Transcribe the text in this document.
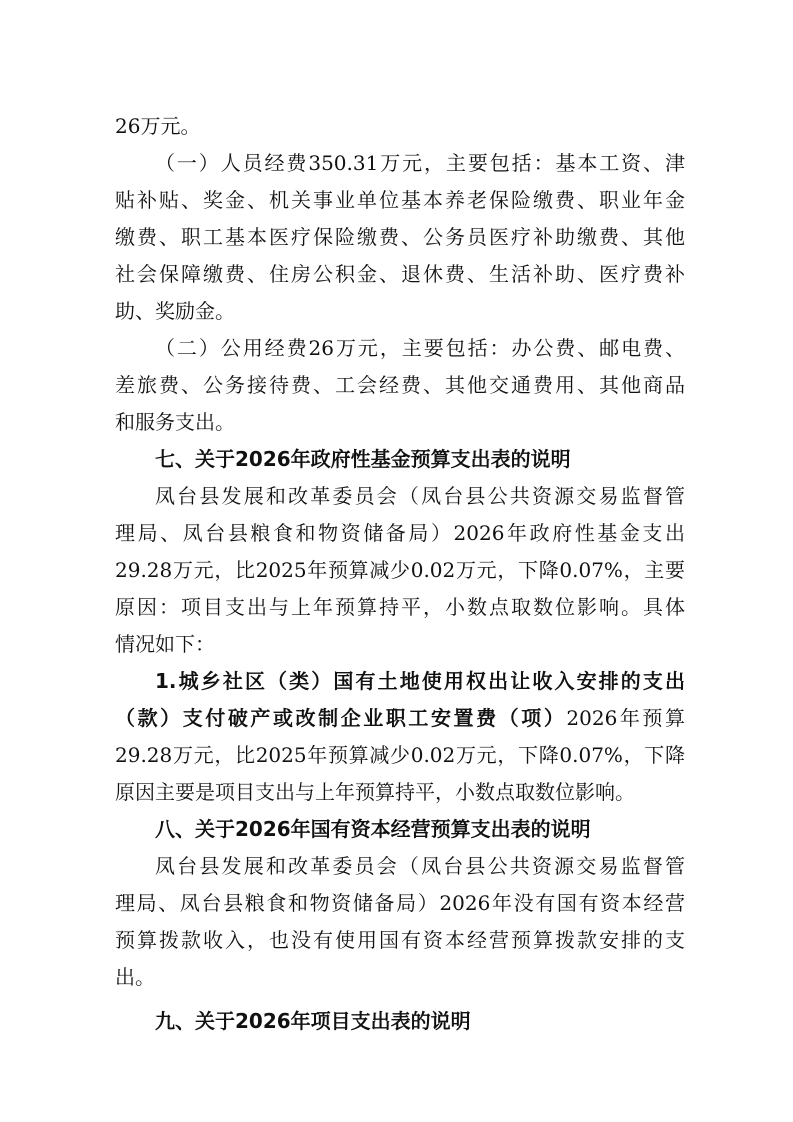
26万元。
（一）人员经费350.31万元，主要包括：基本工资、津
贴补贴、奖金、机关事业单位基本养老保险缴费、职业年金
缴费、职工基本医疗保险缴费、公务员医疗补助缴费、其他
社会保障缴费、住房公积金、退休费、生活补助、医疗费补
助、奖励金。
（二）公用经费26万元，主要包括：办公费、邮电费、
差旅费、公务接待费、工会经费、其他交通费用、其他商品
和服务支出。
七、关于2026年政府性基金预算支出表的说明
凤台县发展和改革委员会（凤台县公共资源交易监督管
理局、凤台县粮食和物资储备局）2026年政府性基金支出
29.28万元，比2025年预算减少0.02万元，下降0.07%，主要
原因：项目支出与上年预算持平，小数点取数位影响。具体
情况如下：
1.城乡社区（类）国有土地使用权出让收入安排的支出
（款）支付破产或改制企业职工安置费（项）2026年预算
29.28万元，比2025年预算减少0.02万元，下降0.07%，下降
原因主要是项目支出与上年预算持平，小数点取数位影响。
八、关于2026年国有资本经营预算支出表的说明
凤台县发展和改革委员会（凤台县公共资源交易监督管
理局、凤台县粮食和物资储备局）2026年没有国有资本经营
预算拨款收入，也没有使用国有资本经营预算拨款安排的支
出。
九、关于2026年项目支出表的说明
